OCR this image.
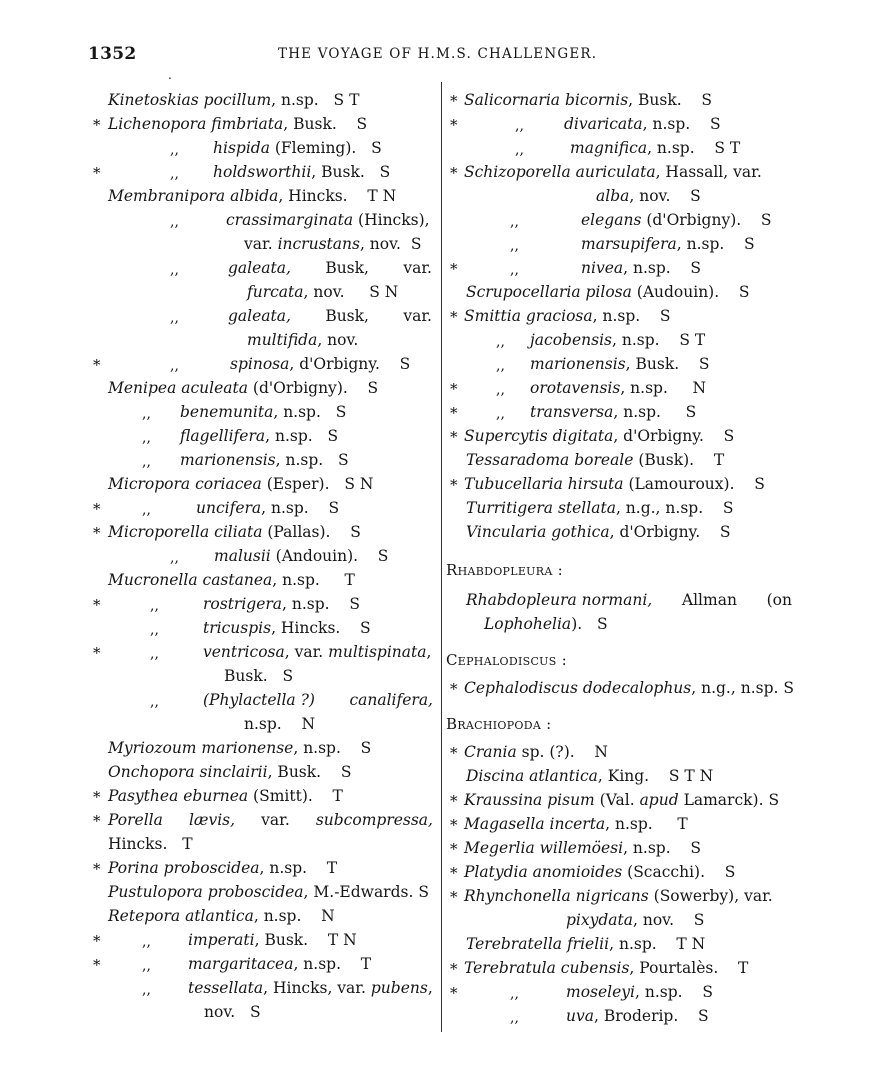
1352	THE VOYAGE OF H.M.S. CHALLENGER.
.
Kinetoskias pocillum, n.sp. S T
* Lichenopora fimbriata, Busk. S
,, hispida (Fleming). S
*	,, holdsworthii, Busk. S
Membranipora albida, Hincks. T N
,,	crassimarginata (Hincks),
var. incrustans, nov. S
,,	galeata, Busk, var.
furcata, nov. S N
,,	galeata, Busk, var.
multifida, nov.
*	,,	spinosa, d'Orbigny. S
Menipea aculeata (d'Orbigny). S
,, benemunita, n.sp. S
,, flagellifera, n.sp. S
,, marionensis, n.sp. S
Micropora coriacea (Esper). S N
*	,,	uncifera, n.sp. S
* Microporella ciliata (Pallas). S
,, malusii (Andouin). S
Mucronella castanea, n.sp. T
*	,,	rostrigera, n.sp. S
,,	tricuspis, Hincks. S
*	,,	ventricosa, var. multispinata,
Busk. S
,,	(Phylactella ?) canalifera,
n.sp. N
Myriozoum marionense, n.sp. S
Onchopora sinclairii, Busk. S
* Pasythea eburnea (Smitt). T
* Porella lævis, var. subcompressa,
Hincks. T
* Porina proboscidea, n.sp. T
Pustulopora proboscidea, M.-Edwards. S
Retepora atlantica, n.sp. N
*	,, imperati, Busk. T N
*	,, margaritacea, n.sp. T
,, tessellata, Hincks, var. pubens,
nov. S
* Salicornaria bicornis, Busk. S
*	,,	divaricata, n.sp. S
,,	magnifica, n.sp. S T
* Schizoporella auriculata, Hassall, var.
alba, nov. S
,,	elegans (d'Orbigny). S
,,	marsupifera, n.sp. S
*	,,	nivea, n.sp. S
Scrupocellaria pilosa (Audouin). S
* Smittia graciosa, n.sp. S
,, jacobensis, n.sp. S T
,, marionensis, Busk. S
*	,, orotavensis, n.sp. N
*	,, transversa, n.sp. S
* Supercytis digitata, d'Orbigny. S
Tessaradoma boreale (Busk). T
* Tubucellaria hirsuta (Lamouroux). S
Turritigera stellata, n.g., n.sp. S
Vincularia gothica, d'Orbigny. S
Rhabdopleura :
Rhabdopleura normani, Allman (on
Lophohelia). S
Cephalodiscus :
* Cephalodiscus dodecalophus, n.g., n.sp. S
Brachiopoda :
* Crania sp. (?). N
Discina atlantica, King. S T N
* Kraussina pisum (Val. apud Lamarck). S
* Magasella incerta, n.sp. T
* Megerlia willemöesi, n.sp. S
* Platydia anomioides (Scacchi). S
* Rhynchonella nigricans (Sowerby), var.
pixydata, nov. S
Terebratella frielii, n.sp. T N
* Terebratula cubensis, Pourtalès. T
*	,,	moseleyi, n.sp. S
,,	uva, Broderip. S
